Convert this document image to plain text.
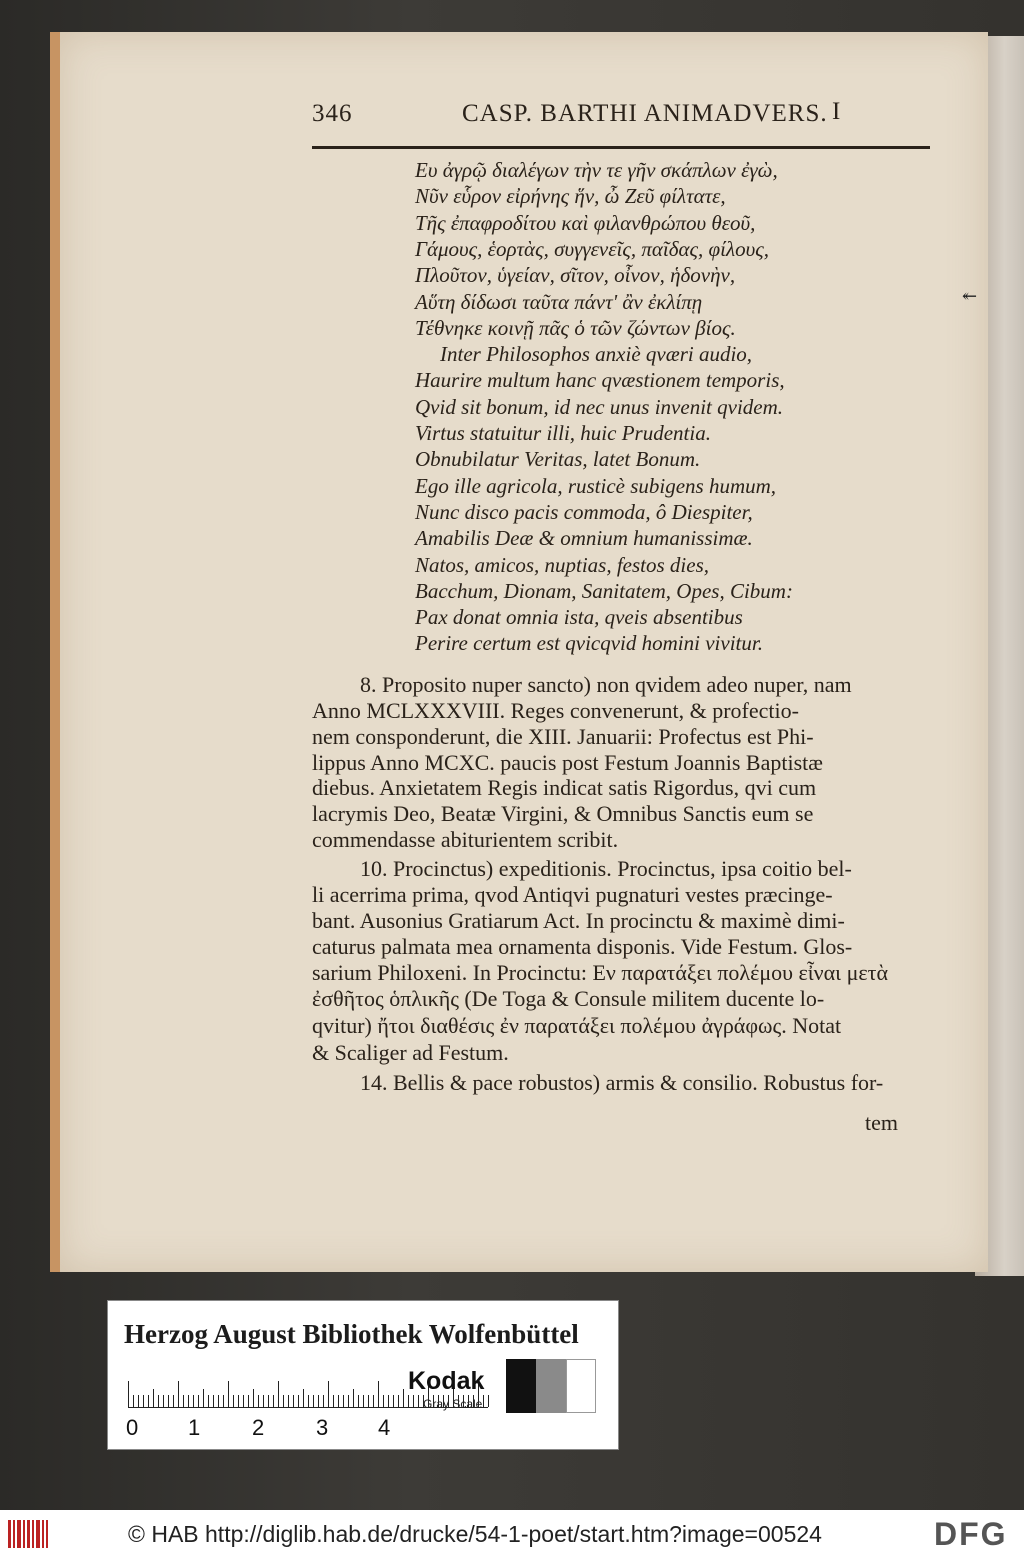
346	CASP. BARTHI ANIMADVERS. I
Ευ ἀγρῷ διαλέγων τὴν τε γῆν σκάπλων ἐγὼ,
Νῦν εὗρον εἰρήνης ἥν, ὦ Ζεῦ φίλτατε,
Τῆς ἐπαφροδίτου καὶ φιλανθρώπου θεοῦ,
Γάμους, ἑορτὰς, συγγενεῖς, παῖδας, φίλους,
Πλοῦτον, ὑγείαν, σῖτον, οἶνον, ἡδονὴν,
Αὕτη δίδωσι ταῦτα πάντ' ἂν ἐκλίπῃ
Τέθνηκε κοινῇ πᾶς ὁ τῶν ζώντων βίος.
Inter Philosophos anxiè qværi audio,
Haurire multum hanc qvæstionem temporis,
Qvid sit bonum, id nec unus invenit qvidem.
Virtus statuitur illi, huic Prudentia.
Obnubilatur Veritas, latet Bonum.
Ego ille agricola, rusticè subigens humum,
Nunc disco pacis commoda, ô Diespiter,
Amabilis Deæ & omnium humanissimæ.
Natos, amicos, nuptias, festos dies,
Bacchum, Dionam, Sanitatem, Opes, Cibum:
Pax donat omnia ista, qveis absentibus
Perire certum est qvicqvid homini vivitur.
8. Proposito nuper sancto) non qvidem adeo nuper, nam
Anno MCLXXXVIII. Reges convenerunt, & profectio-
nem consponderunt, die XIII. Januarii: Profectus est Phi-
lippus Anno MCXC. paucis post Festum Joannis Baptistæ
diebus. Anxietatem Regis indicat satis Rigordus, qvi cum
lacrymis Deo, Beatæ Virgini, & Omnibus Sanctis eum se
commendasse abiturientem scribit.
10. Procinctus) expeditionis. Procinctus, ipsa coitio bel-
li acerrima prima, qvod Antiqvi pugnaturi vestes præcinge-
bant. Ausonius Gratiarum Act. In procinctu & maximè dimi-
caturus palmata mea ornamenta disponis. Vide Festum. Glos-
sarium Philoxeni. In Procinctu: Εν παρατάξει πολέμου εἶναι μετὰ
ἐσθῆτος ὁπλικῆς (De Toga & Consule militem ducente lo-
qvitur) ἤτοι διαθέσις ἐν παρατάξει πολέμου ἀγράφως. Notat
& Scaliger ad Festum.
14. Bellis & pace robustos) armis & consilio. Robustus for-
tem
↞
Herzog August Bibliothek Wolfenbüttel
0 1 2 3 4
Kodak
Gray Scale
© HAB http://diglib.hab.de/drucke/54-1-poet/start.htm?image=00524	DFG
